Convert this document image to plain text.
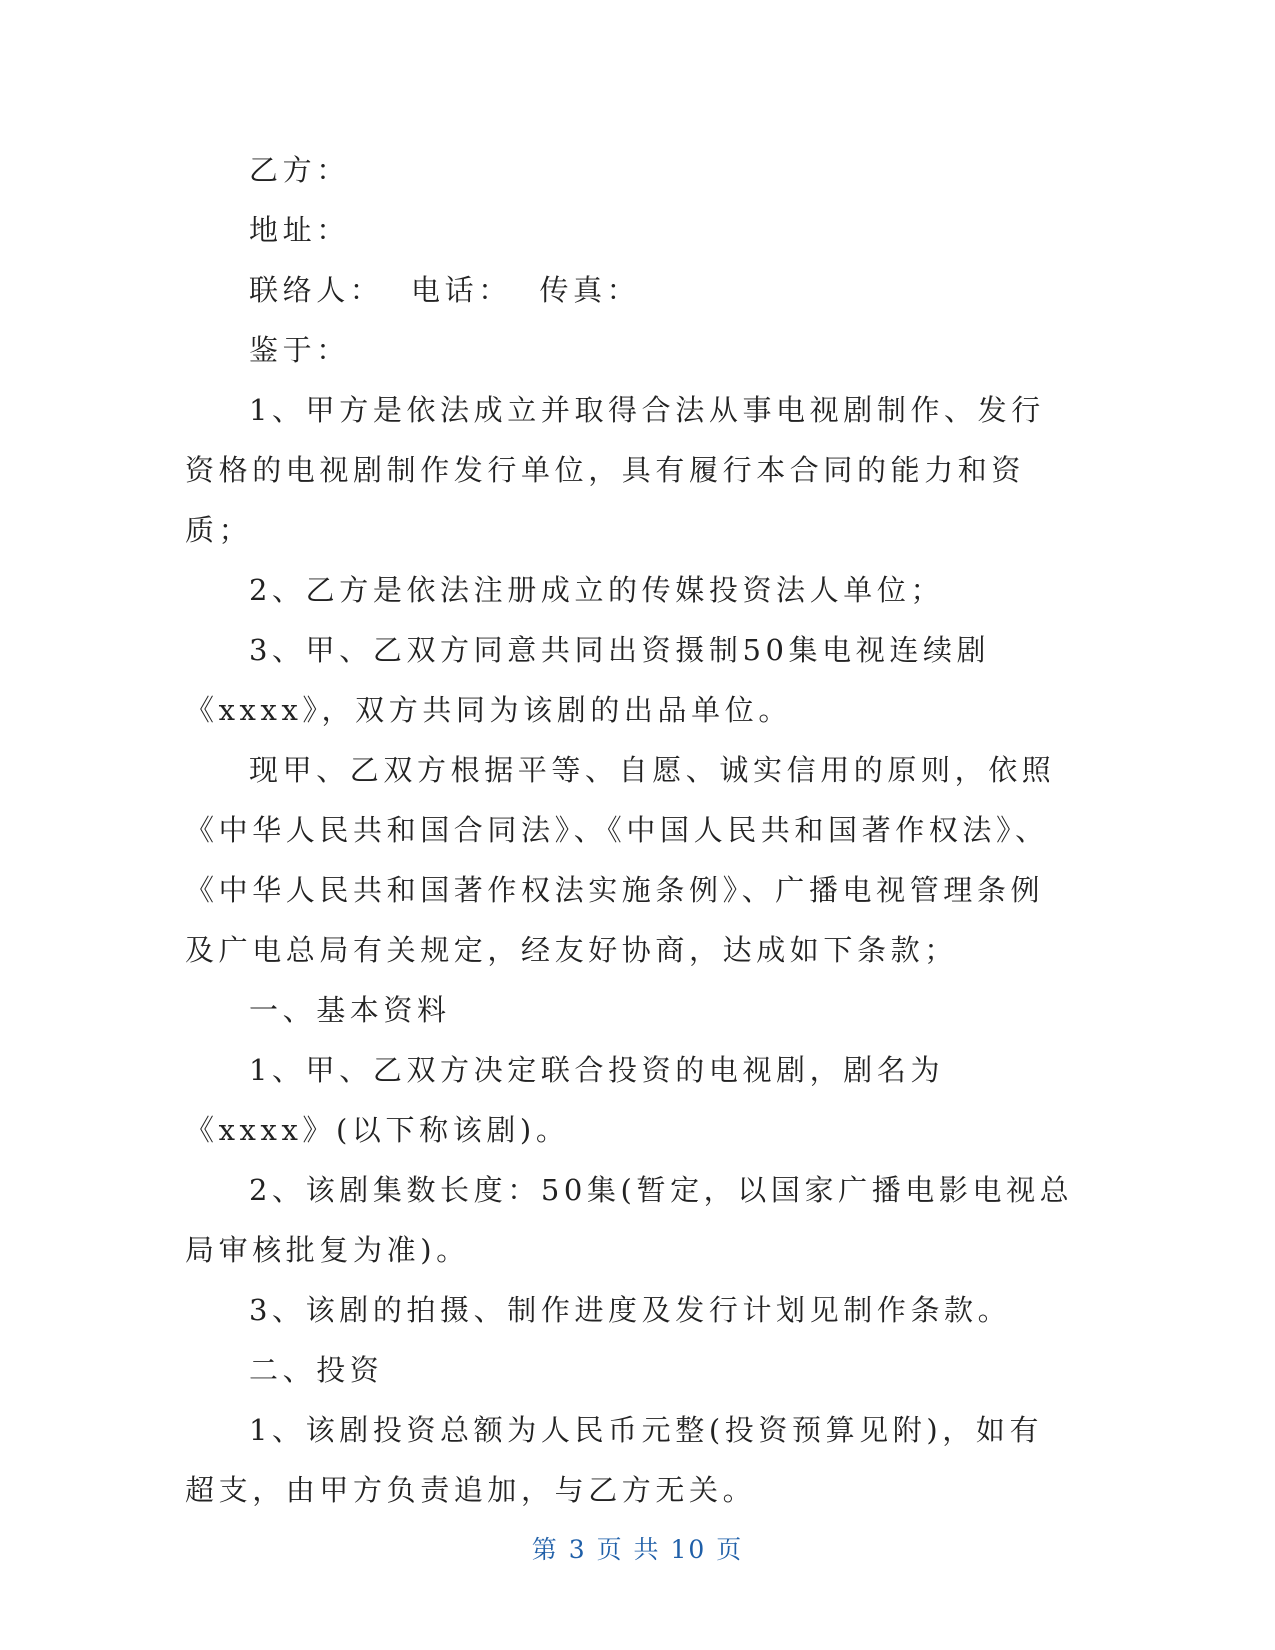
乙方：

地址：

联络人：  电话：  传真：

鉴于：

1、甲方是依法成立并取得合法从事电视剧制作、发行资格的电视剧制作发行单位，具有履行本合同的能力和资质；

2、乙方是依法注册成立的传媒投资法人单位；

3、甲、乙双方同意共同出资摄制50集电视连续剧《xxxx》，双方共同为该剧的出品单位。

现甲、乙双方根据平等、自愿、诚实信用的原则，依照《中华人民共和国合同法》、《中国人民共和国著作权法》、《中华人民共和国著作权法实施条例》、广播电视管理条例及广电总局有关规定，经友好协商，达成如下条款；

一、基本资料

1、甲、乙双方决定联合投资的电视剧，剧名为《xxxx》(以下称该剧)。

2、该剧集数长度：50集(暂定，以国家广播电影电视总局审核批复为准)。

3、该剧的拍摄、制作进度及发行计划见制作条款。

二、投资

1、该剧投资总额为人民币元整(投资预算见附)，如有超支，由甲方负责追加，与乙方无关。

第 3 页 共 10 页
